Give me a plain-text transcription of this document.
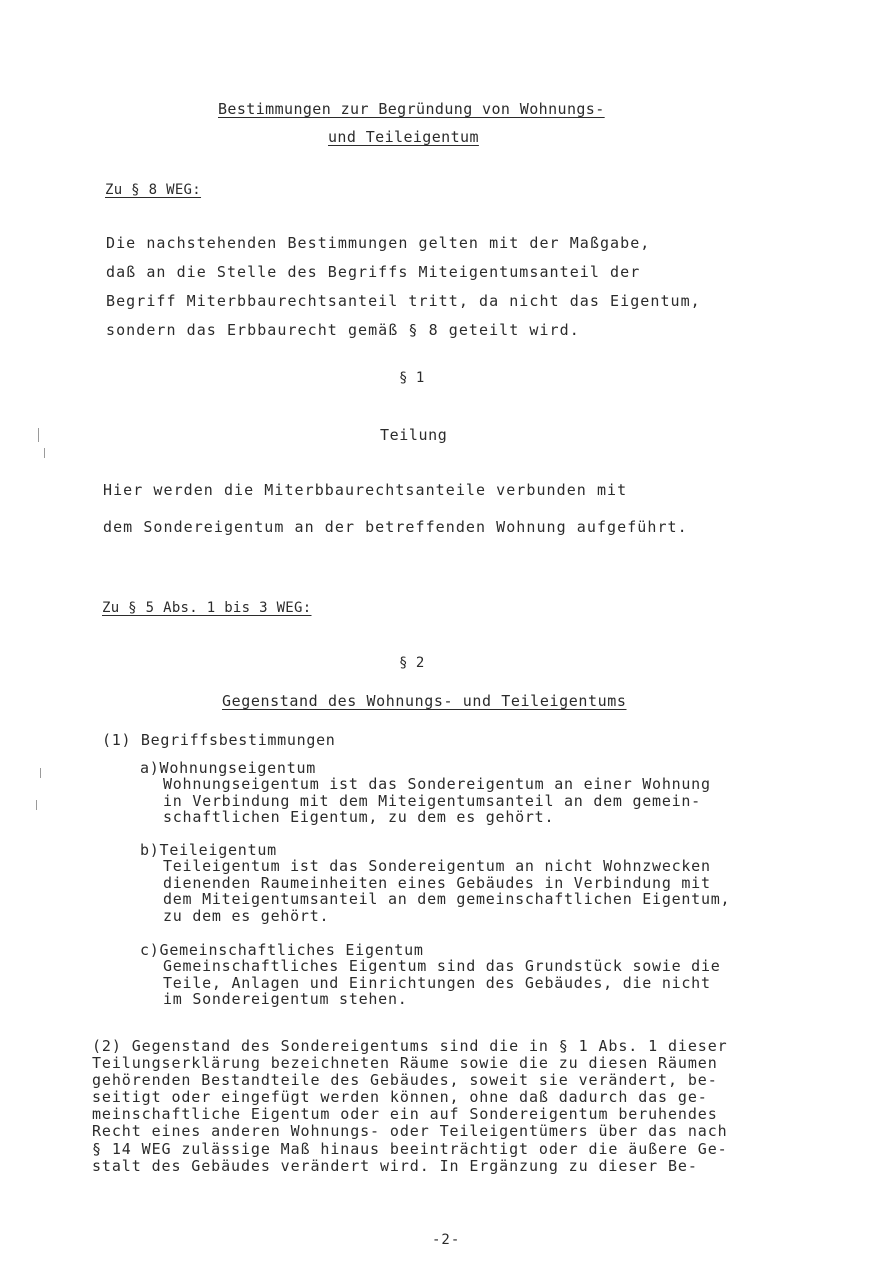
Bestimmungen zur Begründung von Wohnungs-
und Teileigentum
Zu § 8 WEG:
Die nachstehenden Bestimmungen gelten mit der Maßgabe,
daß an die Stelle des Begriffs Miteigentumsanteil der
Begriff Miterbbaurechtsanteil tritt, da nicht das Eigentum,
sondern das Erbbaurecht gemäß § 8 geteilt wird.
§ 1
Teilung
Hier werden die Miterbbaurechtsanteile verbunden mit
dem Sondereigentum an der betreffenden Wohnung aufgeführt.
Zu § 5 Abs. 1 bis 3 WEG:
§ 2
Gegenstand des Wohnungs- und Teileigentums
(1) Begriffsbestimmungen
a)Wohnungseigentum
Wohnungseigentum ist das Sondereigentum an einer Wohnung
in Verbindung mit dem Miteigentumsanteil an dem gemein-
schaftlichen Eigentum, zu dem es gehört.
b)Teileigentum
Teileigentum ist das Sondereigentum an nicht Wohnzwecken
dienenden Raumeinheiten eines Gebäudes in Verbindung mit
dem Miteigentumsanteil an dem gemeinschaftlichen Eigentum,
zu dem es gehört.
c)Gemeinschaftliches Eigentum
Gemeinschaftliches Eigentum sind das Grundstück sowie die
Teile, Anlagen und Einrichtungen des Gebäudes, die nicht
im Sondereigentum stehen.
(2) Gegenstand des Sondereigentums sind die in § 1 Abs. 1 dieser
Teilungserklärung bezeichneten Räume sowie die zu diesen Räumen
gehörenden Bestandteile des Gebäudes, soweit sie verändert, be-
seitigt oder eingefügt werden können, ohne daß dadurch das ge-
meinschaftliche Eigentum oder ein auf Sondereigentum beruhendes
Recht eines anderen Wohnungs- oder Teileigentümers über das nach
§ 14 WEG zulässige Maß hinaus beeinträchtigt oder die äußere Ge-
stalt des Gebäudes verändert wird. In Ergänzung zu dieser Be-
-2-
